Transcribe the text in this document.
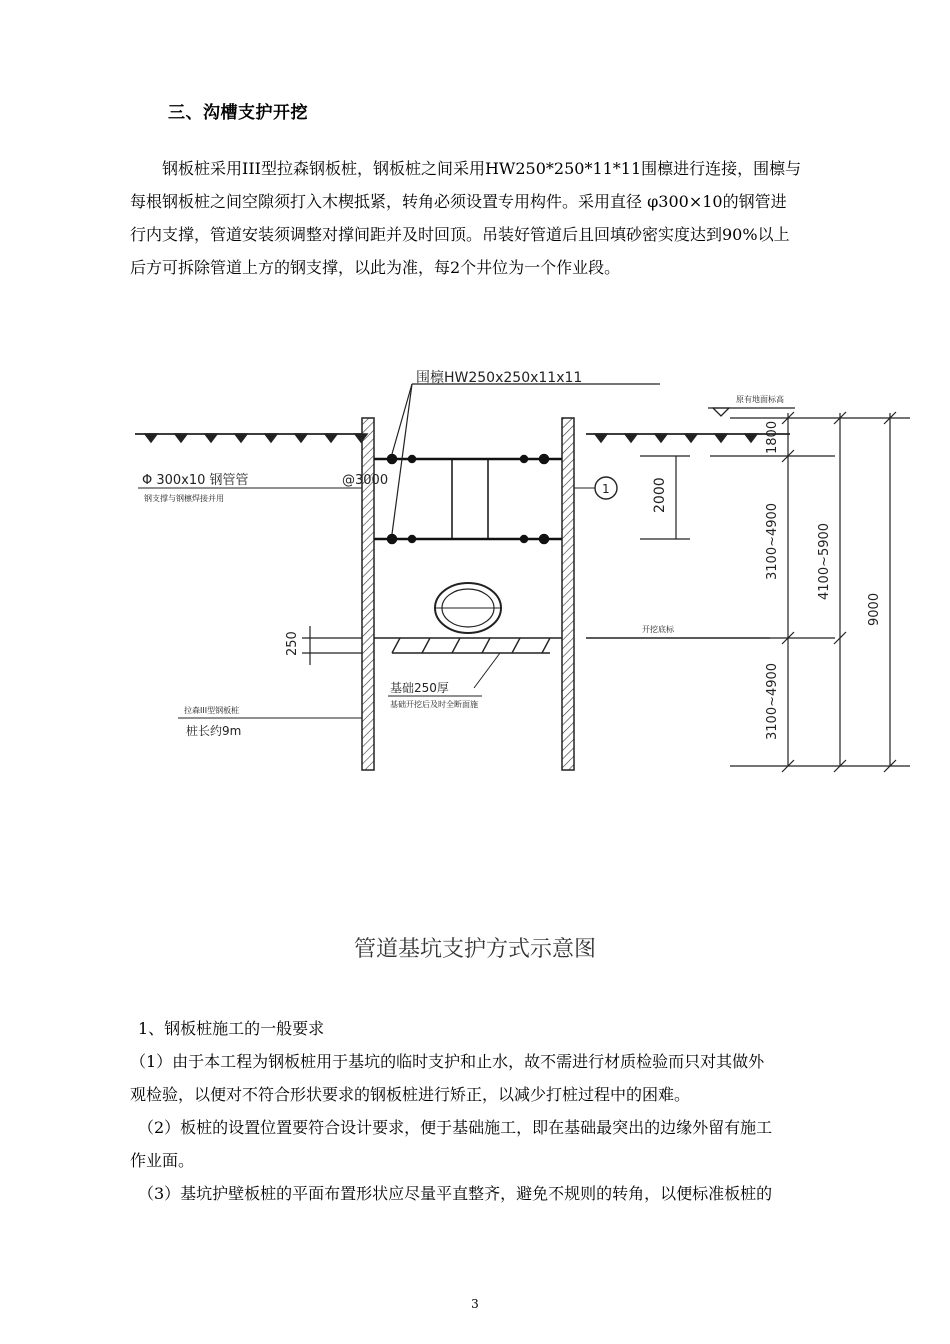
三、沟槽支护开挖

钢板桩采用III型拉森钢板桩，钢板桩之间采用HW250*250*11*11围檩进行连接，围檩与

每根钢板桩之间空隙须打入木楔抵紧，转角必须设置专用构件。采用直径 φ300×10的钢管进

行内支撑，管道安装须调整对撑间距并及时回顶。吊装好管道后且回填砂密实度达到90%以上

后方可拆除管道上方的钢支撑，以此为准，每2个井位为一个作业段。

围檩HW250x250x11x11
原有地面标高
Φ 300x10 钢管管	@3000
钢支撑与钢檩焊接并用
1	2000
开挖底标
250
基础250厚
基础开挖后及时全断面施
拉森III型钢板桩
桩长约9m
1800
3100~4900	4100~5900
9000
3100~4900
管道基坑支护方式示意图

1、钢板桩施工的一般要求

（1）由于本工程为钢板桩用于基坑的临时支护和止水，故不需进行材质检验而只对其做外

观检验，以便对不符合形状要求的钢板桩进行矫正，以减少打桩过程中的困难。

（2）板桩的设置位置要符合设计要求，便于基础施工，即在基础最突出的边缘外留有施工

作业面。

（3）基坑护壁板桩的平面布置形状应尽量平直整齐，避免不规则的转角，以便标准板桩的

3
